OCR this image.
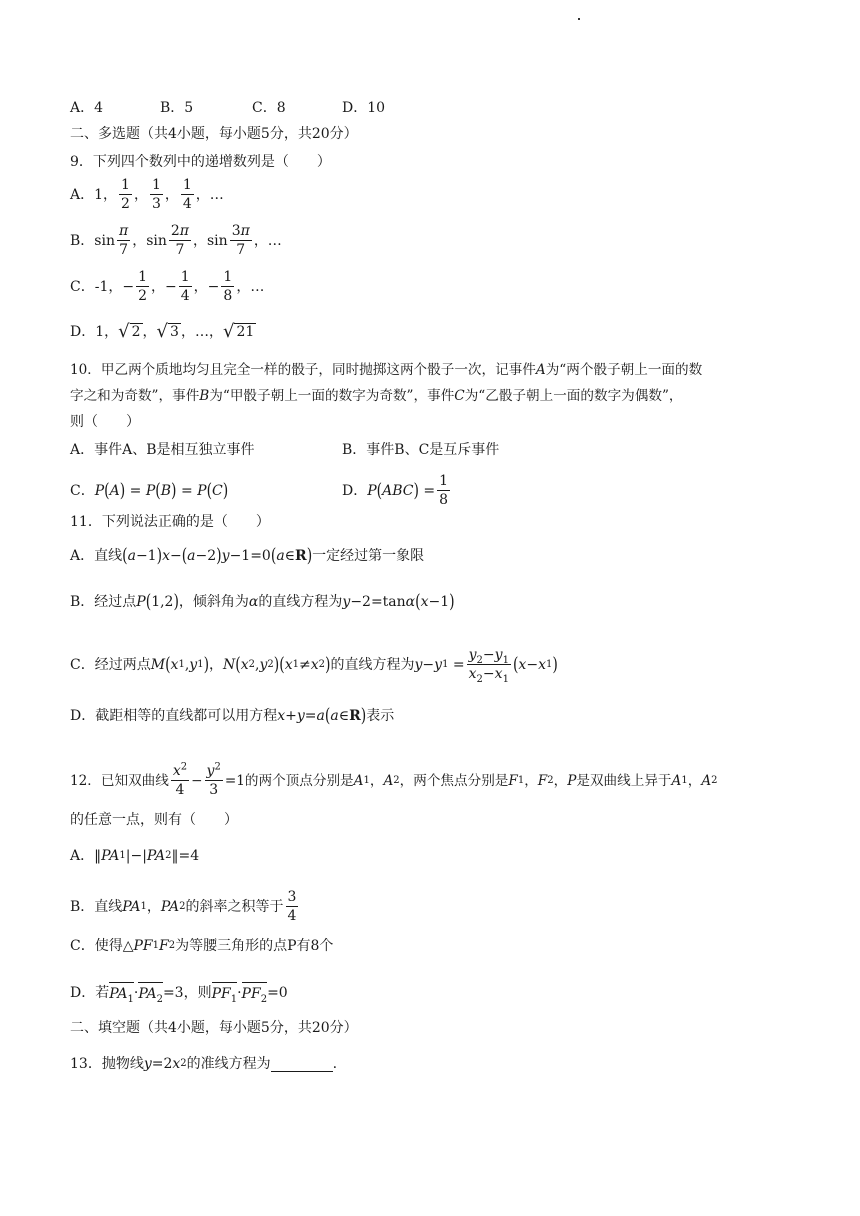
A．4	B．5	C．8	D．10
二、多选题（共4小题，每小题5分，共20分）
9．下列四个数列中的递增数列是（　　）
A．1， $\frac{1}{2}$ ， $\frac{1}{3}$ ， $\frac{1}{4}$ ，…
B． $\sin \frac{\pi}{7}$ ， $\sin \frac{2\pi}{7}$ ， $\sin \frac{3\pi}{7}$ ，…
C．-1， − $\frac{1}{2}$ ， − $\frac{1}{4}$ ， − $\frac{1}{8}$ ，…
D．1， √ 2 ， √ 3 ，…， √ 21
10．甲乙两个质地均匀且完全一样的骰子，同时抛掷这两个骰子一次，记事件A为“两个骰子朝上一面的数
字之和为奇数”，事件B为“甲骰子朝上一面的数字为奇数”，事件C为“乙骰子朝上一面的数字为偶数”，
则（　　）
A．事件A、B是相互独立事件	B．事件B、C是互斥事件
C． P ( A ) = P ( B ) = P ( C )	D． P ( ABC ) = $\frac{1}{8}$
11．下列说法正确的是（　　）
A．直线 ( a −1 ) x − ( a −2 ) y −1=0 ( a ∈ R ) 一定经过第一象限
B．经过点 P ( 1,2 ) ，倾斜角为 α 的直线方程为 y −2=tan α ( x −1 )
C．经过两点 M ( x 1 , y 1 ) ， N ( x 2 , y 2 ) ( x 1 ≠ x 2 ) 的直线方程为 y − y $1 = \frac{y_2-y_1}{x_2-x_1}$ ( x − x 1 )
D．截距相等的直线都可以用方程 x + y = a ( a ∈ R ) 表示
12．已知双曲线 $\frac{x^2}{4} - \frac{y^2}{3} =1$ 的两个顶点分别是 A 1 ， A 2 ，两个焦点分别是 F 1 ， F 2 ， P 是双曲线上异于 A 1 ， A 2
的任意一点，则有（　　）
A． ‖ PA 1 |−| PA 2 ‖=4
B．直线 PA 1 ， PA 2 的斜率之积等于 $\frac{3}{4}$
C．使得 △ PF 1 F 2 为等腰三角形的点P有8个
D．若 $PA_1 \cdot PA_2 =3$ ，则 $PF_1 \cdot PF_2 =0$
二、填空题（共4小题，每小题5分，共20分）
13．抛物线 y =2 x 2 的准线方程为	.
